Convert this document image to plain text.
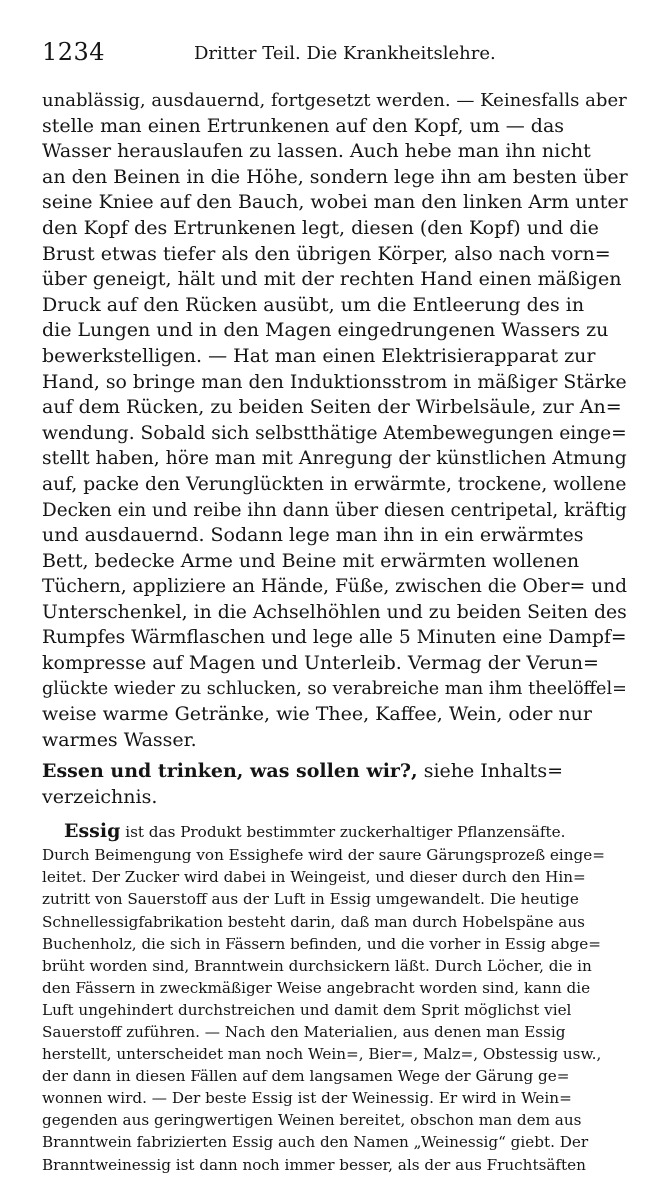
1234	Dritter Teil. Die Krankheitslehre.
unablässig, ausdauernd, fortgesetzt werden. — Keinesfalls aber
stelle man einen Ertrunkenen auf den Kopf, um — das
Wasser herauslaufen zu lassen. Auch hebe man ihn nicht
an den Beinen in die Höhe, sondern lege ihn am besten über
seine Kniee auf den Bauch, wobei man den linken Arm unter
den Kopf des Ertrunkenen legt, diesen (den Kopf) und die
Brust etwas tiefer als den übrigen Körper, also nach vorn=
über geneigt, hält und mit der rechten Hand einen mäßigen
Druck auf den Rücken ausübt, um die Entleerung des in
die Lungen und in den Magen eingedrungenen Wassers zu
bewerkstelligen. — Hat man einen Elektrisierapparat zur
Hand, so bringe man den Induktionsstrom in mäßiger Stärke
auf dem Rücken, zu beiden Seiten der Wirbelsäule, zur An=
wendung. Sobald sich selbstthätige Atembewegungen einge=
stellt haben, höre man mit Anregung der künstlichen Atmung
auf, packe den Verunglückten in erwärmte, trockene, wollene
Decken ein und reibe ihn dann über diesen centripetal, kräftig
und ausdauernd. Sodann lege man ihn in ein erwärmtes
Bett, bedecke Arme und Beine mit erwärmten wollenen
Tüchern, appliziere an Hände, Füße, zwischen die Ober= und
Unterschenkel, in die Achselhöhlen und zu beiden Seiten des
Rumpfes Wärmflaschen und lege alle 5 Minuten eine Dampf=
kompresse auf Magen und Unterleib. Vermag der Verun=
glückte wieder zu schlucken, so verabreiche man ihm theelöffel=
weise warme Getränke, wie Thee, Kaffee, Wein, oder nur
warmes Wasser.
Essen und trinken, was sollen wir?, siehe Inhalts=
verzeichnis.
Essig ist das Produkt bestimmter zuckerhaltiger Pflanzensäfte.
Durch Beimengung von Essighefe wird der saure Gärungsprozeß einge=
leitet. Der Zucker wird dabei in Weingeist, und dieser durch den Hin=
zutritt von Sauerstoff aus der Luft in Essig umgewandelt. Die heutige
Schnellessigfabrikation besteht darin, daß man durch Hobelspäne aus
Buchenholz, die sich in Fässern befinden, und die vorher in Essig abge=
brüht worden sind, Branntwein durchsickern läßt. Durch Löcher, die in
den Fässern in zweckmäßiger Weise angebracht worden sind, kann die
Luft ungehindert durchstreichen und damit dem Sprit möglichst viel
Sauerstoff zuführen. — Nach den Materialien, aus denen man Essig
herstellt, unterscheidet man noch Wein=, Bier=, Malz=, Obstessig usw.,
der dann in diesen Fällen auf dem langsamen Wege der Gärung ge=
wonnen wird. — Der beste Essig ist der Weinessig. Er wird in Wein=
gegenden aus geringwertigen Weinen bereitet, obschon man dem aus
Branntwein fabrizierten Essig auch den Namen „Weinessig“ giebt. Der
Branntweinessig ist dann noch immer besser, als der aus Fruchtsäften
